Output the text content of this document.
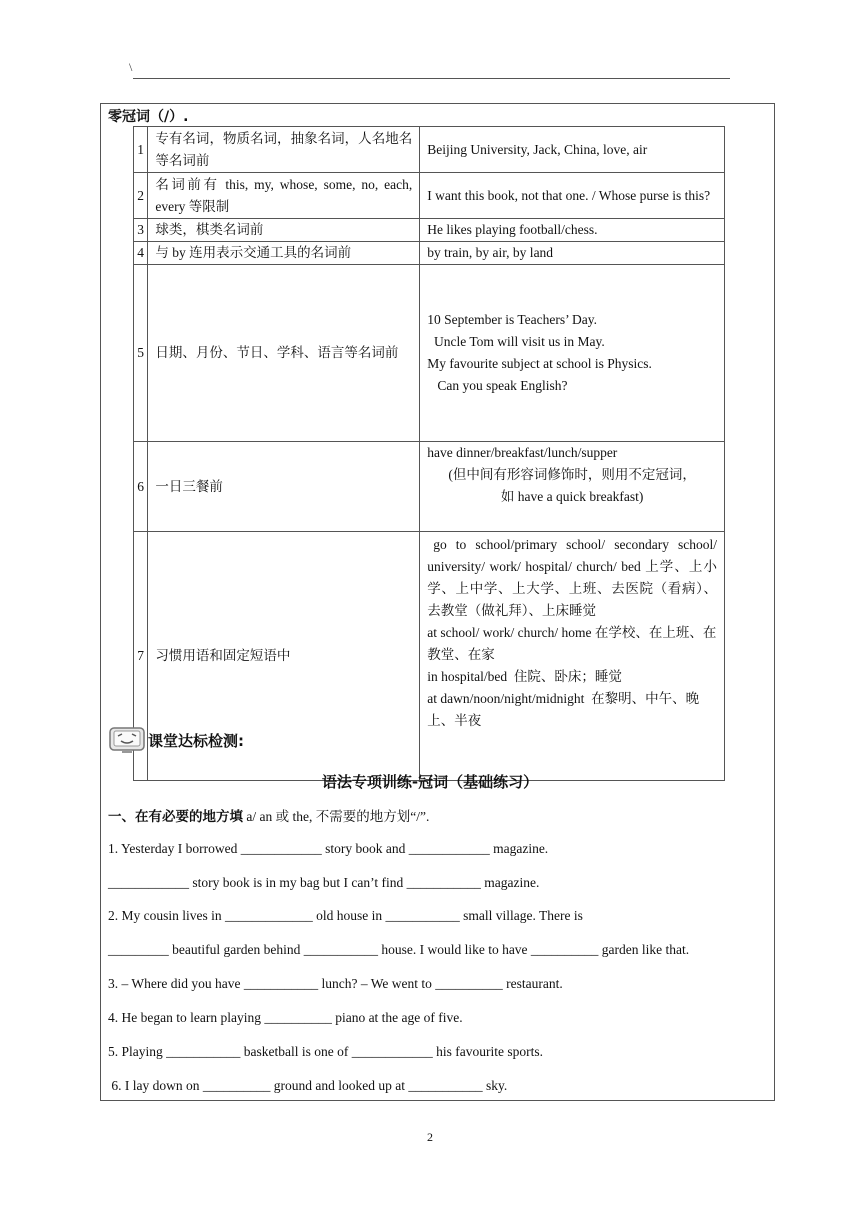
\
零冠词（/）.
1	专有名词，物质名词，抽象名词，人名地名等名词前	Beijing University, Jack, China, love, air
2	名词前有 this, my, whose, some, no, each, every 等限制	I want this book, not that one. / Whose purse is this?
3	球类，棋类名词前	He likes playing football/chess.
4	与 by 连用表示交通工具的名词前	by train, by air, by land
5	日期、月份、节日、学科、语言等名词前	10 September is Teachers’ Day.
Uncle Tom will visit us in May.
My favourite subject at school is Physics.
Can you speak English?

6	一日三餐前	have dinner/breakfast/lunch/supper
(但中间有形容词修饰时，则用不定冠词，
如 have a quick breakfast)

7	习惯用语和固定短语中	go to school/primary school/ secondary school/ university/ work/ hospital/ church/ bed 上学、上小学、上中学、上大学、上班、去医院（看病）、去教堂（做礼拜）、上床睡觉
at school/ work/ church/ home 在学校、在上班、在教堂、在家
in hospital/bed  住院、卧床；睡觉
at dawn/noon/night/midnight  在黎明、中午、晚上、半夜
课堂达标检测:
语法专项训练-冠词（基础练习）
一、在有必要的地方填 a/ an 或 the, 不需要的地方划“/”.
1. Yesterday I borrowed ____________ story book and ____________ magazine.
____________ story book is in my bag but I can’t find ___________ magazine.
2. My cousin lives in _____________ old house in ___________ small village. There is
_________ beautiful garden behind ___________ house. I would like to have __________ garden like that.
3. – Where did you have ___________ lunch? – We went to __________ restaurant.
4. He began to learn playing __________ piano at the age of five.
5. Playing ___________ basketball is one of ____________ his favourite sports.
6. I lay down on __________ ground and looked up at ___________ sky.
2
